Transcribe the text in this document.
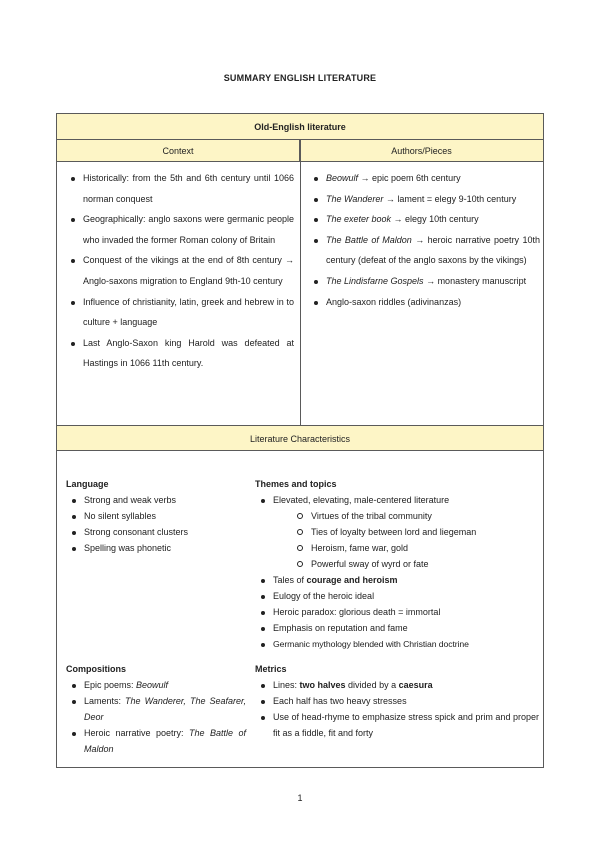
SUMMARY ENGLISH LITERATURE
Old-English literature
Context	Authors/Pieces
Historically: from the 5th and 6th century until 1066 norman conquest
Geographically: anglo saxons were germanic people who invaded the former Roman colony of Britain
Conquest of the vikings at the end of 8th century → Anglo-saxons migration to England 9th-10 century
Influence of christianity, latin, greek and hebrew in to culture + language
Last Anglo-Saxon king Harold was defeated at Hastings in 1066 11th century.
Beowulf → epic poem 6th century
The Wanderer → lament = elegy 9-10th century
The exeter book → elegy 10th century
The Battle of Maldon → heroic narrative poetry 10th century (defeat of the anglo saxons by the vikings)
The Lindisfarne Gospels → monastery manuscript
Anglo-saxon riddles (adivinanzas)
Literature Characteristics
Language
Strong and weak verbs
No silent syllables
Strong consonant clusters
Spelling was phonetic
Themes and topics
Elevated, elevating, male-centered literature
Virtues of the tribal community
Ties of loyalty between lord and liegeman
Heroism, fame war, gold
Powerful sway of wyrd or fate
Tales of courage and heroism
Eulogy of the heroic ideal
Heroic paradox: glorious death = immortal
Emphasis on reputation and fame
Germanic mythology blended with Christian doctrine
Compositions
Epic poems: Beowulf
Laments: The Wanderer, The Seafarer, Deor
Heroic narrative poetry: The Battle of Maldon
Metrics
Lines: two halves divided by a caesura
Each half has two heavy stresses
Use of head-rhyme to emphasize stress spick and prim and proper fit as a fiddle, fit and forty
1
